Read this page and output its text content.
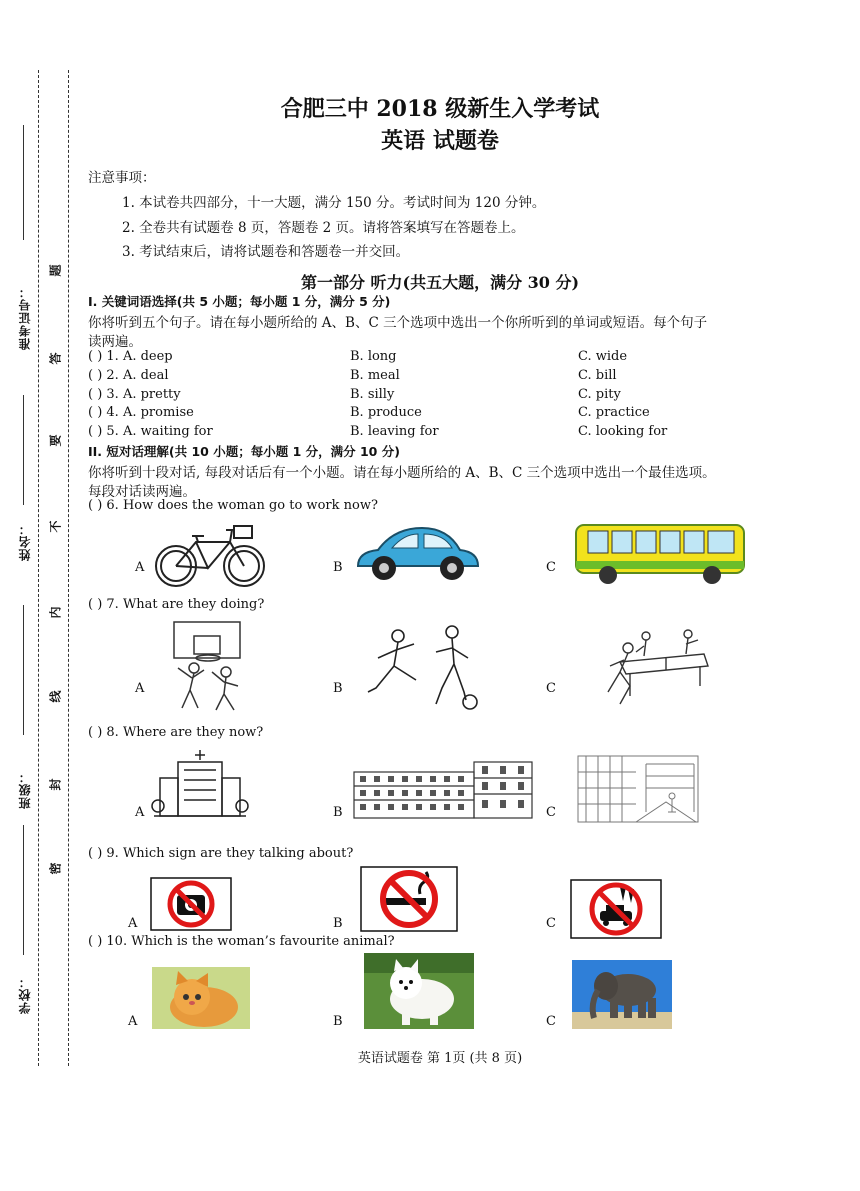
准考证号：
姓名：
班级：
学校：
题
答
要
不
内
线
封
密
合肥三中 2018 级新生入学考试
英语 试题卷
注意事项：
1. 本试卷共四部分，十一大题，满分 150 分。考试时间为 120 分钟。
2. 全卷共有试题卷 8 页，答题卷 2 页。请将答案填写在答题卷上。
3. 考试结束后，请将试题卷和答题卷一并交回。
第一部分 听力(共五大题，满分 30 分)
I. 关键词语选择(共 5 小题；每小题 1 分，满分 5 分)
你将听到五个句子。请在每小题所给的 A、B、C 三个选项中选出一个你所听到的单词或短语。每个句子
读两遍。
( ) 1. A. deep	B. long	C. wide
( ) 2. A. deal	B. meal	C. bill
( ) 3. A. pretty	B. silly	C. pity
( ) 4. A. promise	B. produce	C. practice
( ) 5. A. waiting for	B. leaving for	C. looking for
II. 短对话理解(共 10 小题；每小题 1 分，满分 10 分)
你将听到十段对话, 每段对话后有一个小题。请在每小题所给的 A、B、C 三个选项中选出一个最佳选项。
每段对话读两遍。
( ) 6. How does the woman go to work now?
A	B	C
( ) 7. What are they doing?
A	B	C
( ) 8. Where are they now?
A	B	C
( ) 9. Which sign are they talking about?
A	B	C
( ) 10. Which is the woman’s favourite animal?
A	B	C
英语试题卷 第 1页 (共 8 页)
